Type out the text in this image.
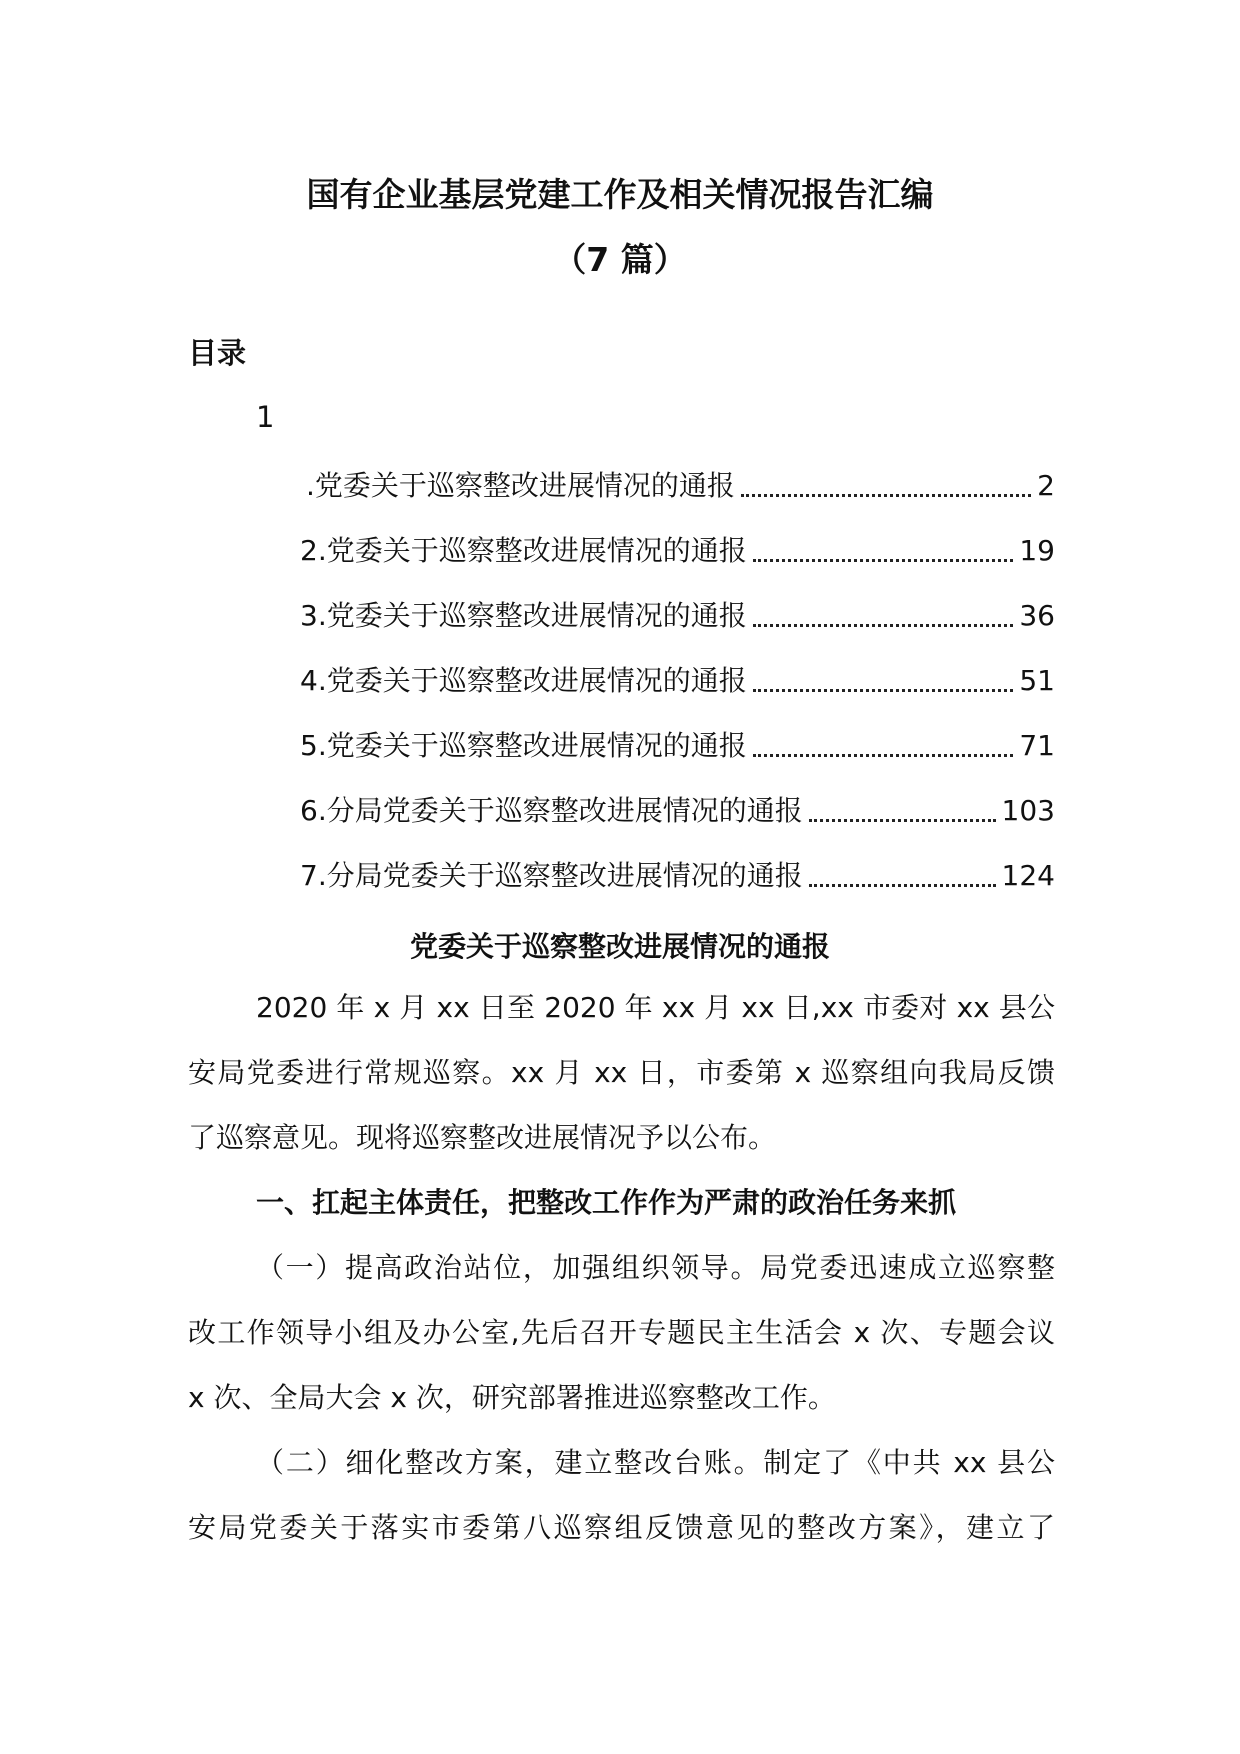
国有企业基层党建工作及相关情况报告汇编
（7 篇）
目录
1
.党委关于巡察整改进展情况的通报	2
2.党委关于巡察整改进展情况的通报	19
3.党委关于巡察整改进展情况的通报	36
4.党委关于巡察整改进展情况的通报	51
5.党委关于巡察整改进展情况的通报	71
6.分局党委关于巡察整改进展情况的通报	103
7.分局党委关于巡察整改进展情况的通报	124
党委关于巡察整改进展情况的通报
2020 年 x 月 xx 日至 2020 年 xx 月 xx 日,xx 市委对 xx 县公
安局党委进行常规巡察。xx 月 xx 日，市委第 x 巡察组向我局反馈
了巡察意见。现将巡察整改进展情况予以公布。
一、扛起主体责任，把整改工作作为严肃的政治任务来抓
（一）提高政治站位，加强组织领导。局党委迅速成立巡察整
改工作领导小组及办公室,先后召开专题民主生活会 x 次、专题会议
x 次、全局大会 x 次，研究部署推进巡察整改工作。
（二）细化整改方案，建立整改台账。制定了《中共 xx 县公
安局党委关于落实市委第八巡察组反馈意见的整改方案》，建立了
